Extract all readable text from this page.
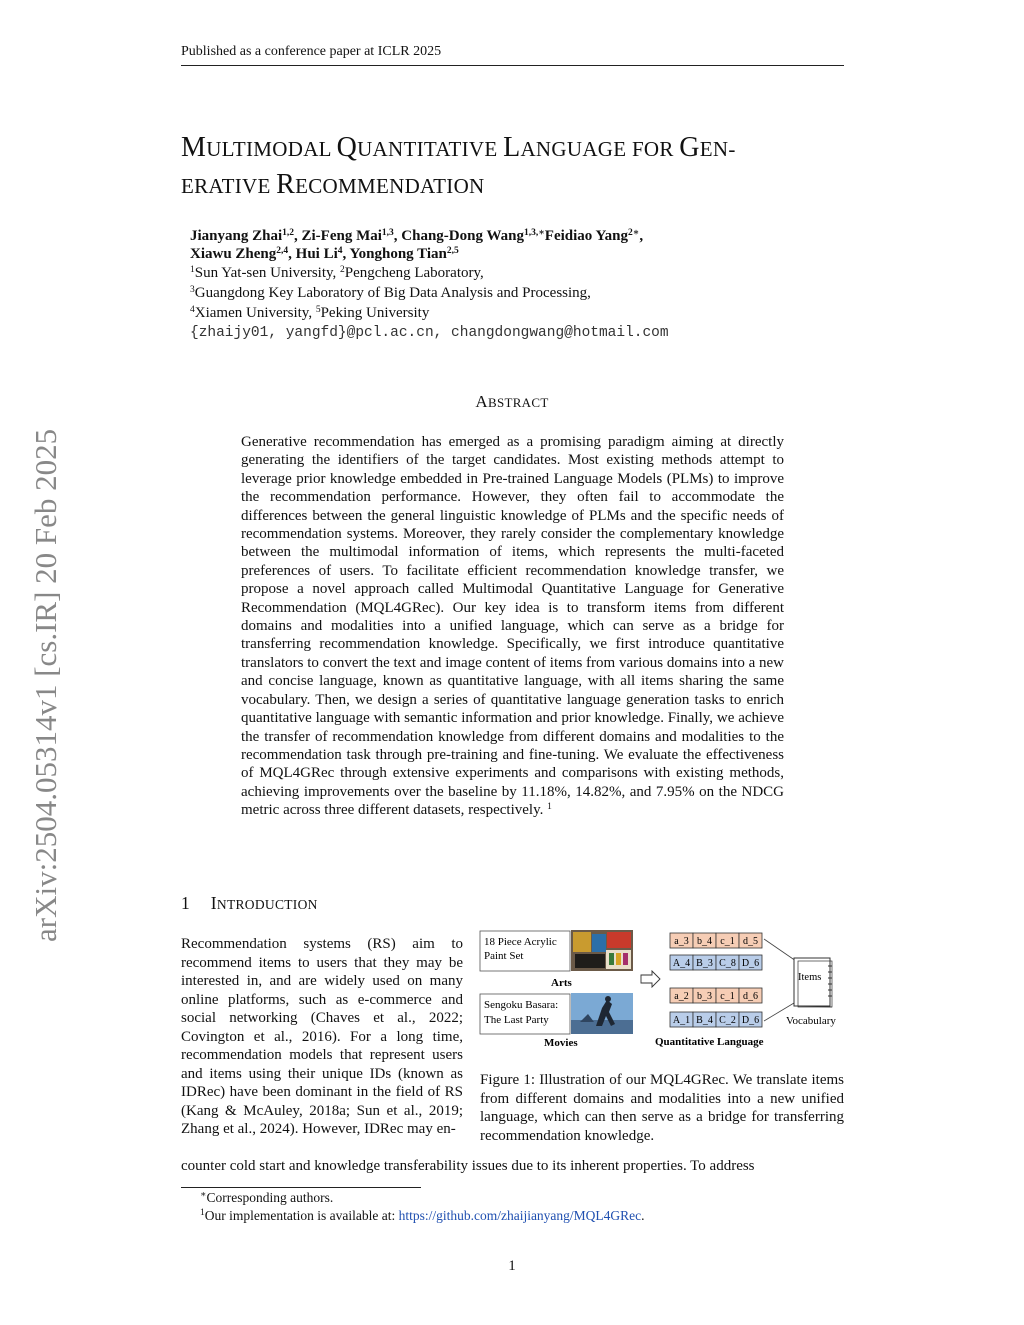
Published as a conference paper at ICLR 2025
arXiv:2504.05314v1 [cs.IR] 20 Feb 2025
MULTIMODAL QUANTITATIVE LANGUAGE FOR GEN-
ERATIVE RECOMMENDATION
Jianyang Zhai$^{1,2}$, Zi-Feng Mai$^{1,3}$, Chang-Dong Wang$^{1,3,∗}$Feidiao Yang$^{2∗}$,
Xiawu Zheng$^{2,4}$, Hui Li$^4$, Yonghong Tian$^{2,5}$
$^1$Sun Yat-sen University, $^2$Pengcheng Laboratory,
$^3$Guangdong Key Laboratory of Big Data Analysis and Processing,
$^4$Xiamen University, $^5$Peking University
{zhaijy01, yangfd}@pcl.ac.cn, changdongwang@hotmail.com
ABSTRACT
Generative recommendation has emerged as a promising paradigm aiming at directly generating the identifiers of the target candidates. Most existing methods attempt to leverage prior knowledge embedded in Pre-trained Language Models (PLMs) to improve the recommendation performance. However, they often fail to accommodate the differences between the general linguistic knowledge of PLMs and the specific needs of recommendation systems. Moreover, they rarely consider the complementary knowledge between the multimodal information of items, which represents the multi-faceted preferences of users. To facilitate efficient recommendation knowledge transfer, we propose a novel approach called Multimodal Quantitative Language for Generative Recommendation (MQL4GRec). Our key idea is to transform items from different domains and modalities into a unified language, which can serve as a bridge for transferring recommendation knowledge. Specifically, we first introduce quantitative translators to convert the text and image content of items from various domains into a new and concise language, known as quantitative language, with all items sharing the same vocabulary. Then, we design a series of quantitative language generation tasks to enrich quantitative language with semantic information and prior knowledge. Finally, we achieve the transfer of recommendation knowledge from different domains and modalities to the recommendation task through pre-training and fine-tuning. We evaluate the effectiveness of MQL4GRec through extensive experiments and comparisons with existing methods, achieving improvements over the baseline by 11.18%, 14.82%, and 7.95% on the NDCG metric across three different datasets, respectively. $^1$
1 INTRODUCTION
Recommendation systems (RS) aim to recommend items to users that they may be interested in, and are widely used on many online platforms, such as e-commerce and social networking (Chaves et al., 2022; Covington et al., 2016). For a long time, recommendation models that represent users and items using their unique IDs (known as IDRec) have been dominant in the field of RS (Kang & McAuley, 2018a; Sun et al., 2019; Zhang et al., 2024). However, IDRec may en-
counter cold start and knowledge transferability issues due to its inherent properties. To address
18 Piece Acrylic
Paint Set
Arts
Sengoku Basara:
The Last Party
Movies
a_3 b_4 c_1 d_5
A_4 B_3 C_8 D_6
a_2 b_3 c_1 d_6
A_1 B_4 C_2 D_6
Quantitative Language
Items
Vocabulary
Figure 1: Illustration of our MQL4GRec. We translate items from different domains and modalities into a new unified language, which can then serve as a bridge for transferring recommendation knowledge.
∗Corresponding authors.
$^1$Our implementation is available at: https://github.com/zhaijianyang/MQL4GRec.
1
